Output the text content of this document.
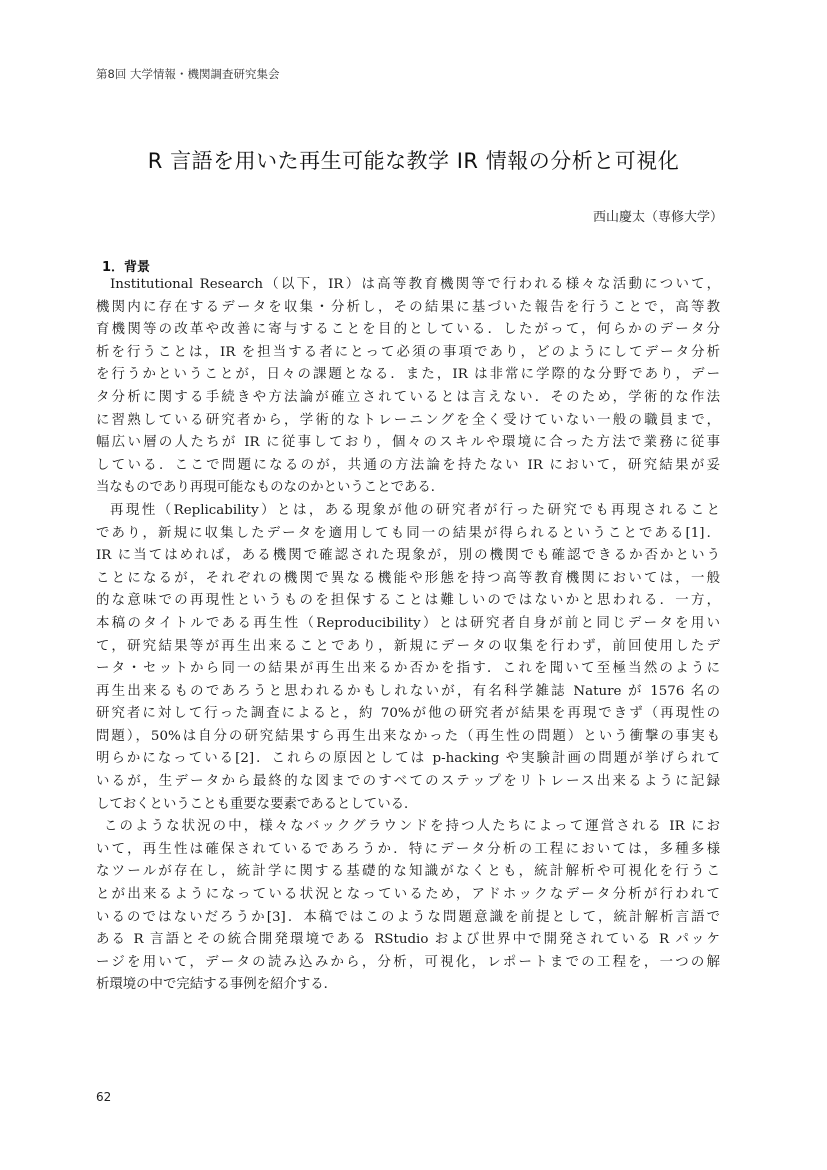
第8回 大学情報・機関調査研究集会
R 言語を用いた再生可能な教学 IR 情報の分析と可視化
西山慶太（専修大学）
1．背景
Institutional Research（以下，IR）は高等教育機関等で行われる様々な活動について，
機関内に存在するデータを収集・分析し，その結果に基づいた報告を行うことで，高等教
育機関等の改革や改善に寄与することを目的としている．したがって，何らかのデータ分
析を行うことは，IR を担当する者にとって必須の事項であり，どのようにしてデータ分析
を行うかということが，日々の課題となる．また，IR は非常に学際的な分野であり，デー
タ分析に関する手続きや方法論が確立されているとは言えない．そのため，学術的な作法
に習熟している研究者から，学術的なトレーニングを全く受けていない一般の職員まで，
幅広い層の人たちが IR に従事しており，個々のスキルや環境に合った方法で業務に従事
している．ここで問題になるのが，共通の方法論を持たない IR において，研究結果が妥
当なものであり再現可能なものなのかということである．
再現性（Replicability）とは，ある現象が他の研究者が行った研究でも再現されること
であり，新規に収集したデータを適用しても同一の結果が得られるということである[1]．
IR に当てはめれば，ある機関で確認された現象が，別の機関でも確認できるか否かという
ことになるが，それぞれの機関で異なる機能や形態を持つ高等教育機関においては，一般
的な意味での再現性というものを担保することは難しいのではないかと思われる．一方，
本稿のタイトルである再生性（Reproducibility）とは研究者自身が前と同じデータを用い
て，研究結果等が再生出来ることであり，新規にデータの収集を行わず，前回使用したデ
ータ・セットから同一の結果が再生出来るか否かを指す．これを聞いて至極当然のように
再生出来るものであろうと思われるかもしれないが，有名科学雑誌 Nature が 1576 名の
研究者に対して行った調査によると，約 70%が他の研究者が結果を再現できず（再現性の
問題），50%は自分の研究結果すら再生出来なかった（再生性の問題）という衝撃の事実も
明らかになっている[2]．これらの原因としては p-hacking や実験計画の問題が挙げられて
いるが，生データから最終的な図までのすべてのステップをリトレース出来るように記録
しておくということも重要な要素であるとしている．
このような状況の中，様々なバックグラウンドを持つ人たちによって運営される IR にお
いて，再生性は確保されているであろうか．特にデータ分析の工程においては，多種多様
なツールが存在し，統計学に関する基礎的な知識がなくとも，統計解析や可視化を行うこ
とが出来るようになっている状況となっているため，アドホックなデータ分析が行われて
いるのではないだろうか[3]．本稿ではこのような問題意識を前提として，統計解析言語で
ある R 言語とその統合開発環境である RStudio および世界中で開発されている R パッケ
ージを用いて，データの読み込みから，分析，可視化，レポートまでの工程を，一つの解
析環境の中で完結する事例を紹介する．
62
